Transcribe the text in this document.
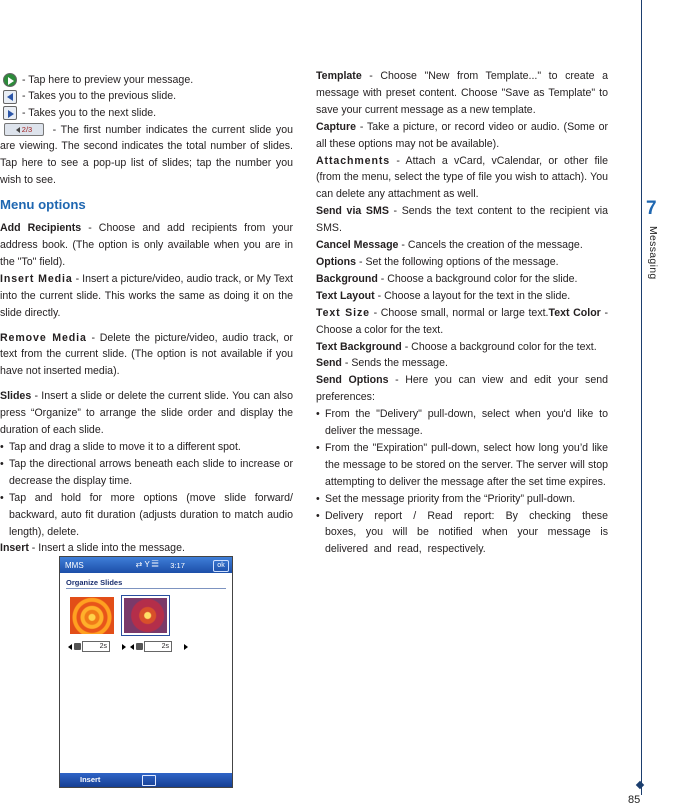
- Tap here to preview your message.
- Takes you to the previous slide.
- Takes you to the next slide.

2/3 - The first number indicates the current slide you are viewing. The second indicates the total number of slides. Tap here to see a pop-up list of slides; tap the number you wish to see.

Menu options

Add Recipients - Choose and add recipients from your address book. (The option is only available when you are in the "To" field).

Insert Media - Insert a picture/video, audio track, or My Text into the current slide. This works the same as doing it on the slide directly.

Remove Media - Delete the picture/video, audio track, or text from the current slide. (The option is not available if you have not inserted media).

Slides - Insert a slide or delete the current slide. You can also press “Organize” to arrange the slide order and display the duration of each slide.

• Tap and drag a slide to move it to a different spot.
• Tap the directional arrows beneath each slide to increase or decrease the display time.
• Tap and hold for more options (move slide forward/ backward, auto fit duration (adjusts duration to match audio length), delete.

Insert - Insert a slide into the message.

MMS	⇄ Y 𝄚 3:17	ok
Organize Slides
2s	2s
Insert

Template - Choose "New from Template..." to create a message with preset content. Choose "Save as Template" to save your current message as a new template.

Capture - Take a picture, or record video or audio. (Some or all these options may not be available).

Attachments - Attach a vCard, vCalendar, or other file (from the menu, select the type of file you wish to attach). You can delete any attachment as well.

Send via SMS - Sends the text content to the recipient via SMS.

Cancel Message - Cancels the creation of the message.

Options - Set the following options of the message.

Background - Choose a background color for the slide.

Text Layout - Choose a layout for the text in the slide.

Text Size - Choose small, normal or large text.Text Color - Choose a color for the text.

Text Background - Choose a background color for the text.

Send - Sends the message.

Send Options - Here you can view and edit your send preferences:

• From the "Delivery" pull-down, select when you'd like to deliver the message.
• From the "Expiration" pull-down, select how long you’d like the message to be stored on the server. The server will stop attempting to deliver the message after the set time expires.
• Set the message priority from the “Priority” pull-down.
• Delivery report / Read report: By checking these boxes, you will be notified when your message is delivered and read, respectively.
7
Messaging
85
